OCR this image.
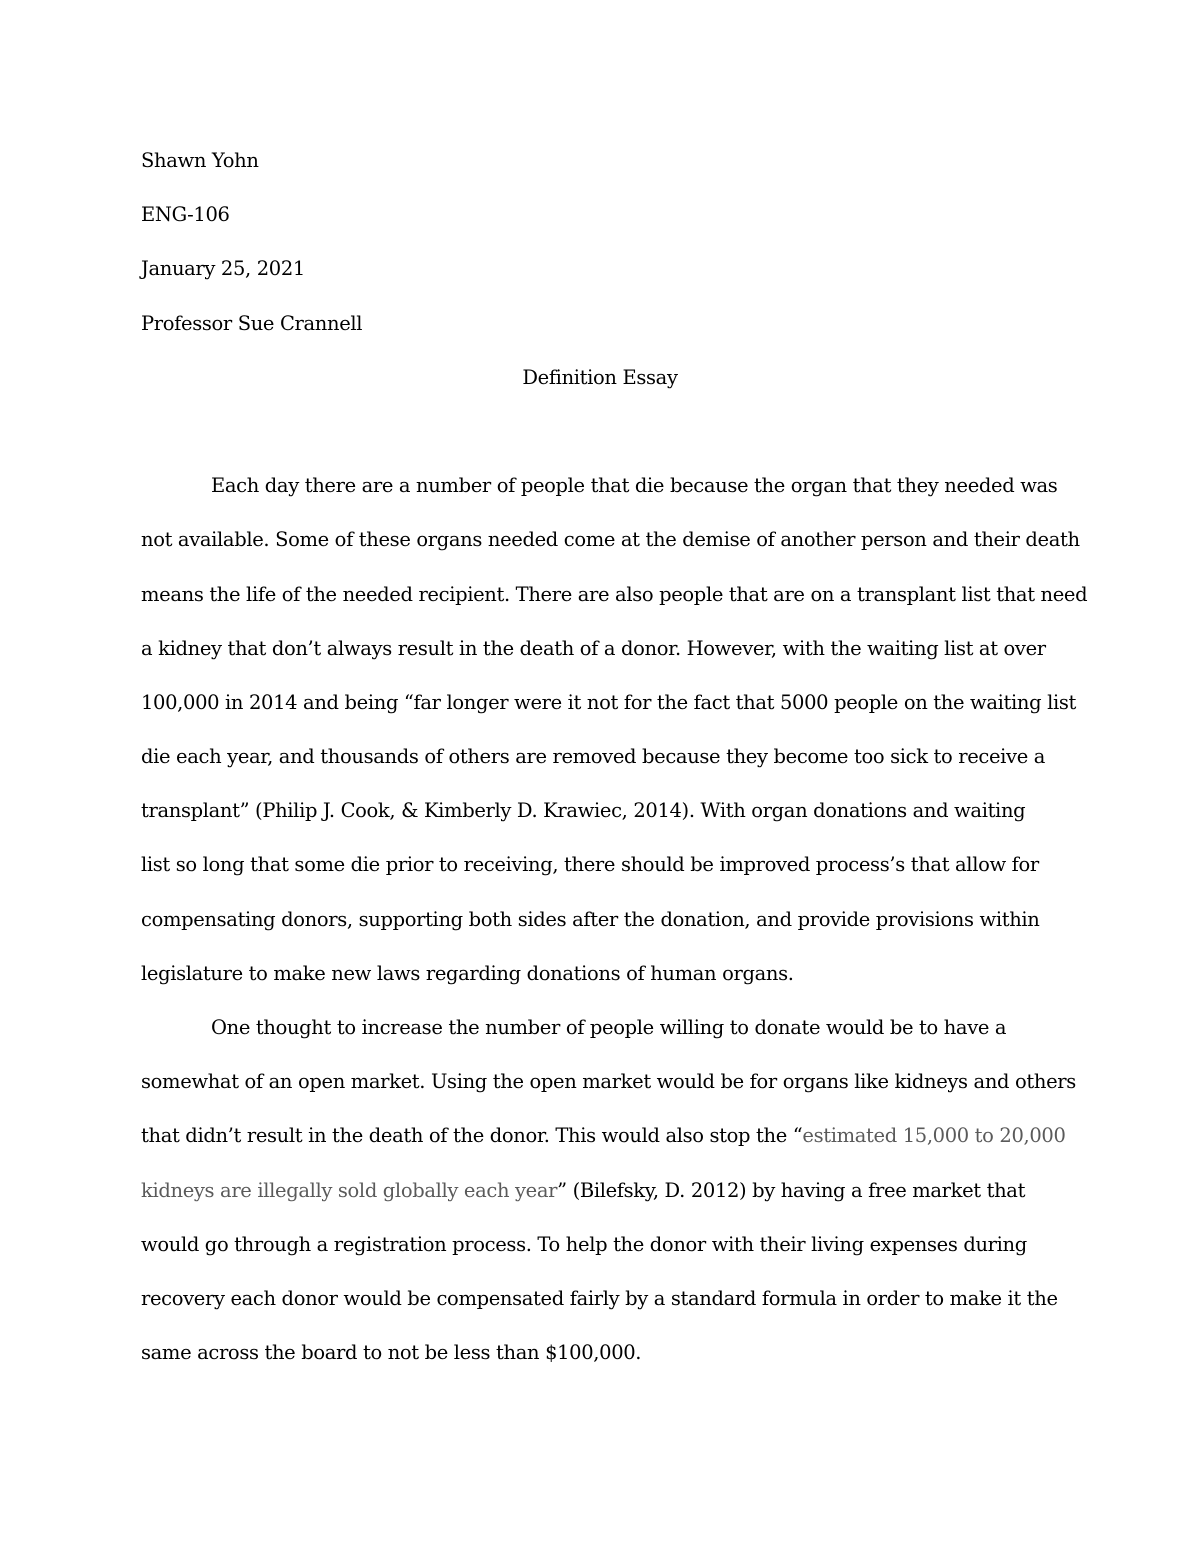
Shawn Yohn
ENG-106
January 25, 2021
Professor Sue Crannell
Definition Essay
Each day there are a number of people that die because the organ that they needed was
not available. Some of these organs needed come at the demise of another person and their death
means the life of the needed recipient. There are also people that are on a transplant list that need
a kidney that don’t always result in the death of a donor. However, with the waiting list at over
100,000 in 2014 and being “far longer were it not for the fact that 5000 people on the waiting list
die each year, and thousands of others are removed because they become too sick to receive a
transplant” (Philip J. Cook, & Kimberly D. Krawiec, 2014). With organ donations and waiting
list so long that some die prior to receiving, there should be improved process’s that allow for
compensating donors, supporting both sides after the donation, and provide provisions within
legislature to make new laws regarding donations of human organs.
One thought to increase the number of people willing to donate would be to have a
somewhat of an open market. Using the open market would be for organs like kidneys and others
that didn’t result in the death of the donor. This would also stop the “estimated 15,000 to 20,000
kidneys are illegally sold globally each year” (Bilefsky, D. 2012) by having a free market that
would go through a registration process. To help the donor with their living expenses during
recovery each donor would be compensated fairly by a standard formula in order to make it the
same across the board to not be less than $100,000.
